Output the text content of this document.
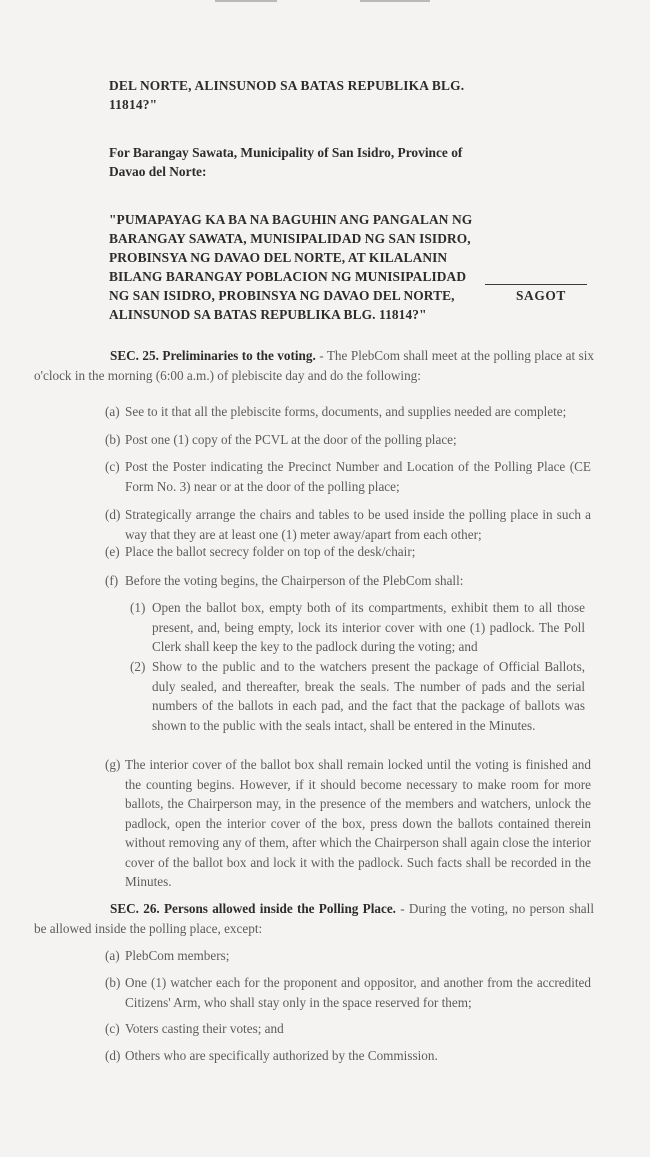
DEL NORTE, ALINSUNOD SA BATAS REPUBLIKA BLG. 11814?"

For Barangay Sawata, Municipality of San Isidro, Province of Davao del Norte:

"PUMAPAYAG KA BA NA BAGUHIN ANG PANGALAN NG BARANGAY SAWATA, MUNISIPALIDAD NG SAN ISIDRO, PROBINSYA NG DAVAO DEL NORTE, AT KILALANIN BILANG BARANGAY POBLACION NG MUNISIPALIDAD NG SAN ISIDRO, PROBINSYA NG DAVAO DEL NORTE, ALINSUNOD SA BATAS REPUBLIKA BLG. 11814?"

SAGOT

SEC. 25. Preliminaries to the voting. - The PlebCom shall meet at the polling place at six o'clock in the morning (6:00 a.m.) of plebiscite day and do the following:

(a) See to it that all the plebiscite forms, documents, and supplies needed are complete;

(b) Post one (1) copy of the PCVL at the door of the polling place;

(c) Post the Poster indicating the Precinct Number and Location of the Polling Place (CE Form No. 3) near or at the door of the polling place;

(d) Strategically arrange the chairs and tables to be used inside the polling place in such a way that they are at least one (1) meter away/apart from each other;

(e) Place the ballot secrecy folder on top of the desk/chair;

(f) Before the voting begins, the Chairperson of the PlebCom shall:

(1) Open the ballot box, empty both of its compartments, exhibit them to all those present, and, being empty, lock its interior cover with one (1) padlock. The Poll Clerk shall keep the key to the padlock during the voting; and

(2) Show to the public and to the watchers present the package of Official Ballots, duly sealed, and thereafter, break the seals. The number of pads and the serial numbers of the ballots in each pad, and the fact that the package of ballots was shown to the public with the seals intact, shall be entered in the Minutes.

(g) The interior cover of the ballot box shall remain locked until the voting is finished and the counting begins. However, if it should become necessary to make room for more ballots, the Chairperson may, in the presence of the members and watchers, unlock the padlock, open the interior cover of the box, press down the ballots contained therein without removing any of them, after which the Chairperson shall again close the interior cover of the ballot box and lock it with the padlock. Such facts shall be recorded in the Minutes.

SEC. 26. Persons allowed inside the Polling Place. - During the voting, no person shall be allowed inside the polling place, except:

(a) PlebCom members;

(b) One (1) watcher each for the proponent and oppositor, and another from the accredited Citizens' Arm, who shall stay only in the space reserved for them;

(c) Voters casting their votes; and

(d) Others who are specifically authorized by the Commission.
